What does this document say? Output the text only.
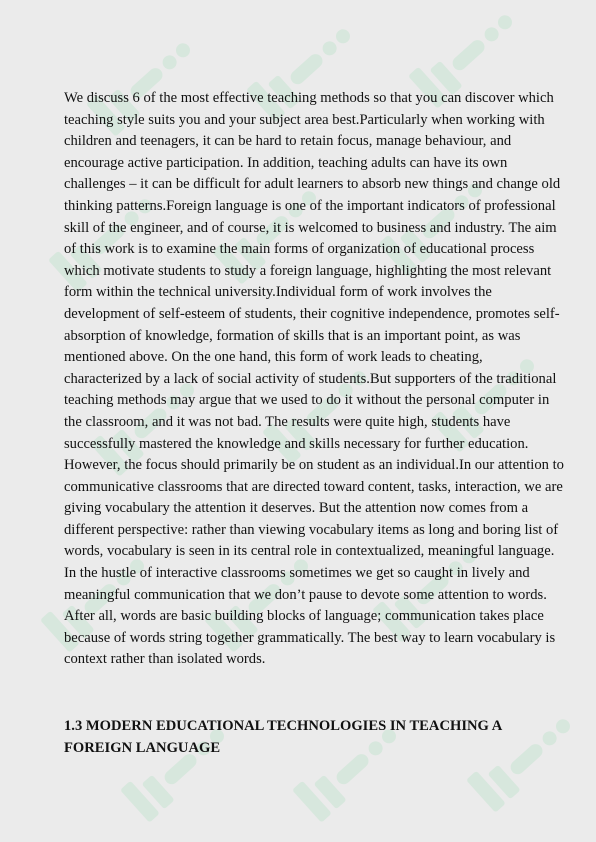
We discuss 6 of the most effective teaching methods so that you can discover which teaching style suits you and your subject area best.Particularly when working with children and teenagers, it can be hard to retain focus, manage behaviour, and encourage active participation. In addition, teaching adults can have its own challenges – it can be difficult for adult learners to absorb new things and change old thinking patterns.Foreign language is one of the important indicators of professional skill of the engineer, and of course, it is welcomed to business and industry. The aim of this work is to examine the main forms of organization of educational process which motivate students to study a foreign language, highlighting the most relevant form within the technical university.Individual form of work involves the development of self-esteem of students, their cognitive independence, promotes self-absorption of knowledge, formation of skills that is an important point, as was mentioned above. On the one hand, this form of work leads to cheating, characterized by a lack of social activity of students.But supporters of the traditional teaching methods may argue that we used to do it without the personal computer in the classroom, and it was not bad. The results were quite high, students have successfully mastered the knowledge and skills necessary for further education. However, the focus should primarily be on student as an individual.In our attention to communicative classrooms that are directed toward content, tasks, interaction, we are giving vocabulary the attention it deserves. But the attention now comes from a different perspective: rather than viewing vocabulary items as long and boring list of words, vocabulary is seen in its central role in contextualized, meaningful language. In the hustle of interactive classrooms sometimes we get so caught in lively and meaningful communication that we don’t pause to devote some attention to words. After all, words are basic building blocks of language; communication takes place because of words string together grammatically. The best way to learn vocabulary is context rather than isolated words.

1.3 MODERN EDUCATIONAL TECHNOLOGIES IN TEACHING A FOREIGN LANGUAGE
